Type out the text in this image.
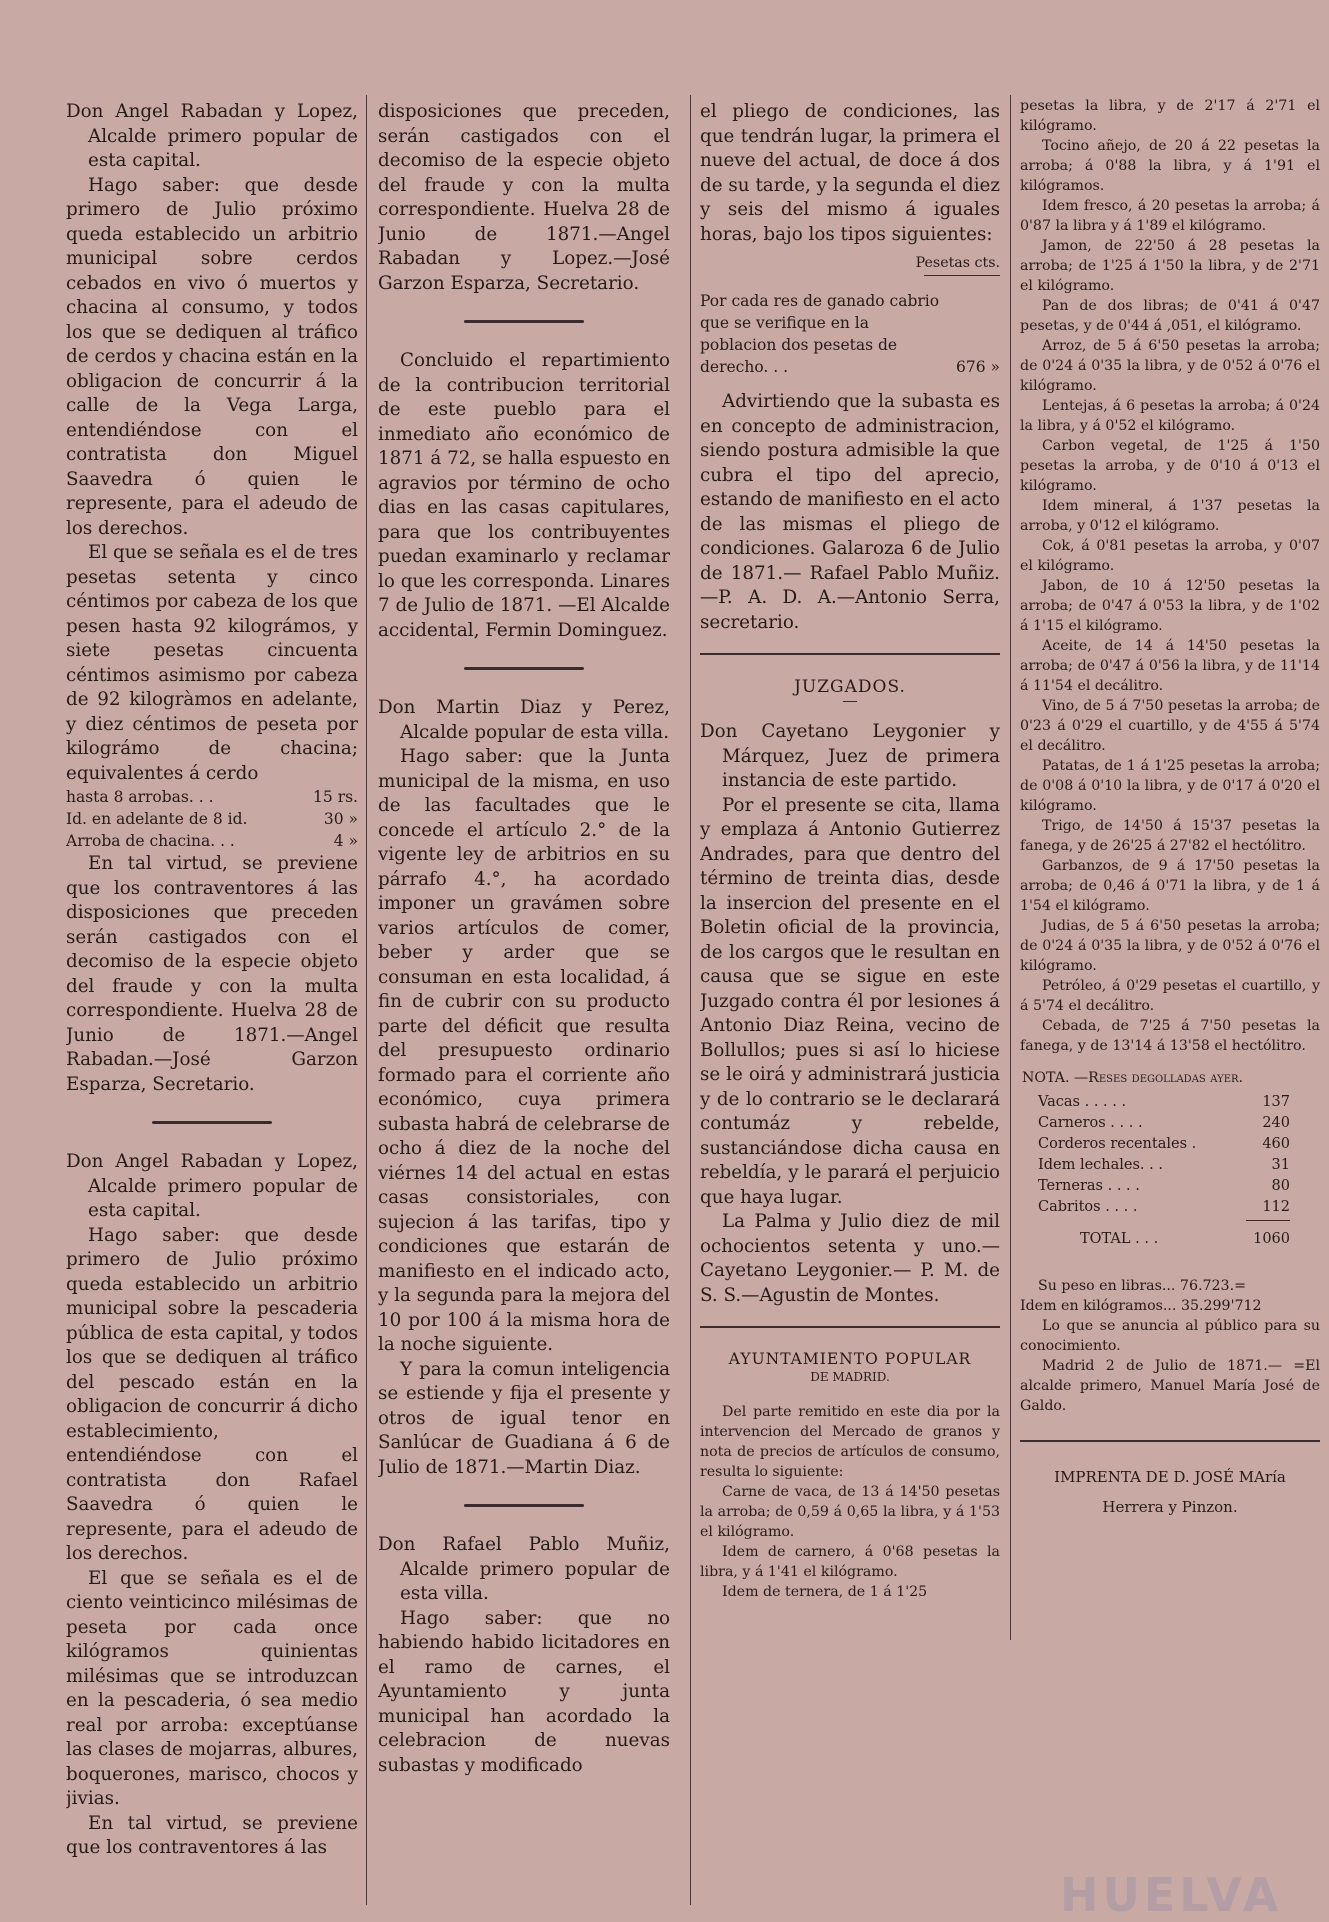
Don Angel Rabadan y Lopez, Alcalde primero popular de esta capital.

Hago saber: que desde primero de Julio próximo queda establecido un arbitrio municipal sobre cerdos cebados en vivo ó muertos y chacina al consumo, y todos los que se dediquen al tráfico de cerdos y chacina están en la obligacion de concurrir á la calle de la Vega Larga, entendiéndose con el contratista don Miguel Saavedra ó quien le represente, para el adeudo de los derechos.

El que se señala es el de tres pesetas setenta y cinco céntimos por cabeza de los que pesen hasta 92 kilográmos, y siete pesetas cincuenta céntimos asimismo por cabeza de 92 kilogràmos en adelante, y diez céntimos de peseta por kilográmo de chacina; equivalentes á cerdo

hasta 8 arrobas. . .	15 rs.
Id. en adelante de 8 id.	30 »
Arroba de chacina. . .	4 »

En tal virtud, se previene que los contraventores á las disposiciones que preceden serán castigados con el decomiso de la especie objeto del fraude y con la multa correspondiente. Huelva 28 de Junio de 1871.—Angel Rabadan.—José Garzon Esparza, Secretario.

Don Angel Rabadan y Lopez, Alcalde primero popular de esta capital.

Hago saber: que desde primero de Julio próximo queda establecido un arbitrio municipal sobre la pescaderia pública de esta capital, y todos los que se dediquen al tráfico del pescado están en la obligacion de concurrir á dicho establecimiento, entendiéndose con el contratista don Rafael Saavedra ó quien le represente, para el adeudo de los derechos.

El que se señala es el de ciento veinticinco milésimas de peseta por cada once kilógramos quinientas milésimas que se introduzcan en la pescaderia, ó sea medio real por arroba: exceptúanse las clases de mojarras, albures, boquerones, marisco, chocos y jivias.

En tal virtud, se previene que los contraventores á las

disposiciones que preceden, serán castigados con el decomiso de la especie objeto del fraude y con la multa correspondiente. Huelva 28 de Junio de 1871.—Angel Rabadan y Lopez.—José Garzon Esparza, Secretario.

Concluido el repartimiento de la contribucion territorial de este pueblo para el inmediato año económico de 1871 á 72, se halla espuesto en agravios por término de ocho dias en las casas capitulares, para que los contribuyentes puedan examinarlo y reclamar lo que les corresponda. Linares 7 de Julio de 1871. —El Alcalde accidental, Fermin Dominguez.

Don Martin Diaz y Perez, Alcalde popular de esta villa.

Hago saber: que la Junta municipal de la misma, en uso de las facultades que le concede el artículo 2.° de la vigente ley de arbitrios en su párrafo 4.°, ha acordado imponer un gravámen sobre varios artículos de comer, beber y arder que se consuman en esta localidad, á fin de cubrir con su producto parte del déficit que resulta del presupuesto ordinario formado para el corriente año económico, cuya primera subasta habrá de celebrarse de ocho á diez de la noche del viérnes 14 del actual en estas casas consistoriales, con sujecion á las tarifas, tipo y condiciones que estarán de manifiesto en el indicado acto, y la segunda para la mejora del 10 por 100 á la misma hora de la noche siguiente.

Y para la comun inteligencia se estiende y fija el presente y otros de igual tenor en Sanlúcar de Guadiana á 6 de Julio de 1871.—Martin Diaz.

Don Rafael Pablo Muñiz, Alcalde primero popular de esta villa.

Hago saber: que no habiendo habido licitadores en el ramo de carnes, el Ayuntamiento y junta municipal han acordado la celebracion de nuevas subastas y modificado

el pliego de condiciones, las que tendrán lugar, la primera el nueve del actual, de doce á dos de su tarde, y la segunda el diez y seis del mismo á iguales horas, bajo los tipos siguientes:

Pesetas cts.

Por cada res de ganado cabrio que se verifique en la poblacion dos pesetas de derecho. . .	676 »

Advirtiendo que la subasta es en concepto de administracion, siendo postura admisible la que cubra el tipo del aprecio, estando de manifiesto en el acto de las mismas el pliego de condiciones. Galaroza 6 de Julio de 1871.— Rafael Pablo Muñiz.—P. A. D. A.—Antonio Serra, secretario.

JUZGADOS.

Don Cayetano Leygonier y Márquez, Juez de primera instancia de este partido.

Por el presente se cita, llama y emplaza á Antonio Gutierrez Andrades, para que dentro del término de treinta dias, desde la insercion del presente en el Boletin oficial de la provincia, de los cargos que le resultan en causa que se sigue en este Juzgado contra él por lesiones á Antonio Diaz Reina, vecino de Bollullos; pues si así lo hiciese se le oirá y administrará justicia y de lo contrario se le declarará contumáz y rebelde, sustanciándose dicha causa en rebeldía, y le parará el perjuicio que haya lugar.

La Palma y Julio diez de mil ochocientos setenta y uno.—Cayetano Leygonier.— P. M. de S. S.—Agustin de Montes.

AYUNTAMIENTO POPULAR

DE MADRID.

Del parte remitido en este dia por la intervencion del Mercado de granos y nota de precios de artículos de consumo, resulta lo siguiente:

Carne de vaca, de 13 á 14'50 pesetas la arroba; de 0,59 á 0,65 la libra, y á 1'53 el kilógramo.

Idem de carnero, á 0'68 pesetas la libra, y á 1'41 el kilógramo.

Idem de ternera, de 1 á 1'25

pesetas la libra, y de 2'17 á 2'71 el kilógramo.

Tocino añejo, de 20 á 22 pesetas la arroba; á 0'88 la libra, y á 1'91 el kilógramos.

Idem fresco, á 20 pesetas la arroba; á 0'87 la libra y á 1'89 el kilógramo.

Jamon, de 22'50 á 28 pesetas la arroba; de 1'25 á 1'50 la libra, y de 2'71 el kilógramo.

Pan de dos libras; de 0'41 á 0'47 pesetas, y de 0'44 á ,051, el kilógramo.

Arroz, de 5 á 6'50 pesetas la arroba; de 0'24 á 0'35 la libra, y de 0'52 á 0'76 el kilógramo.

Lentejas, á 6 pesetas la arroba; á 0'24 la libra, y á 0'52 el kilógramo.

Carbon vegetal, de 1'25 á 1'50 pesetas la arroba, y de 0'10 á 0'13 el kilógramo.

Idem mineral, á 1'37 pesetas la arroba, y 0'12 el kilógramo.

Cok, á 0'81 pesetas la arroba, y 0'07 el kilógramo.

Jabon, de 10 á 12'50 pesetas la arroba; de 0'47 á 0'53 la libra, y de 1'02 á 1'15 el kilógramo.

Aceite, de 14 á 14'50 pesetas la arroba; de 0'47 á 0'56 la libra, y de 11'14 á 11'54 el decálitro.

Vino, de 5 á 7'50 pesetas la arroba; de 0'23 á 0'29 el cuartillo, y de 4'55 á 5'74 el decálitro.

Patatas, de 1 á 1'25 pesetas la arroba; de 0'08 á 0'10 la libra, y de 0'17 á 0'20 el kilógramo.

Trigo, de 14'50 á 15'37 pesetas la fanega, y de 26'25 á 27'82 el hectólitro.

Garbanzos, de 9 á 17'50 pesetas la arroba; de 0,46 á 0'71 la libra, y de 1 á 1'54 el kilógramo.

Judias, de 5 á 6'50 pesetas la arroba; de 0'24 á 0'35 la libra, y de 0'52 á 0'76 el kilógramo.

Petróleo, á 0'29 pesetas el cuartillo, y á 5'74 el decálitro.

Cebada, de 7'25 á 7'50 pesetas la fanega, y de 13'14 á 13'58 el hectólitro.

NOTA. —Reses degolladas ayer.

Vacas . . . . .	137
Carneros . . . .	240
Corderos recentales .	460
Idem lechales. . .	31
Terneras . . . .	80
Cabritos . . . .	112
TOTAL . . .	1060

Su peso en libras... 76.723.=

Idem en kilógramos... 35.299'712

Lo que se anuncia al público para su conocimiento.

Madrid 2 de Julio de 1871.— =El alcalde primero, Manuel María José de Galdo.

IMPRENTA DE D. JOSÉ MAría Herrera y Pinzon.

HUELVA
